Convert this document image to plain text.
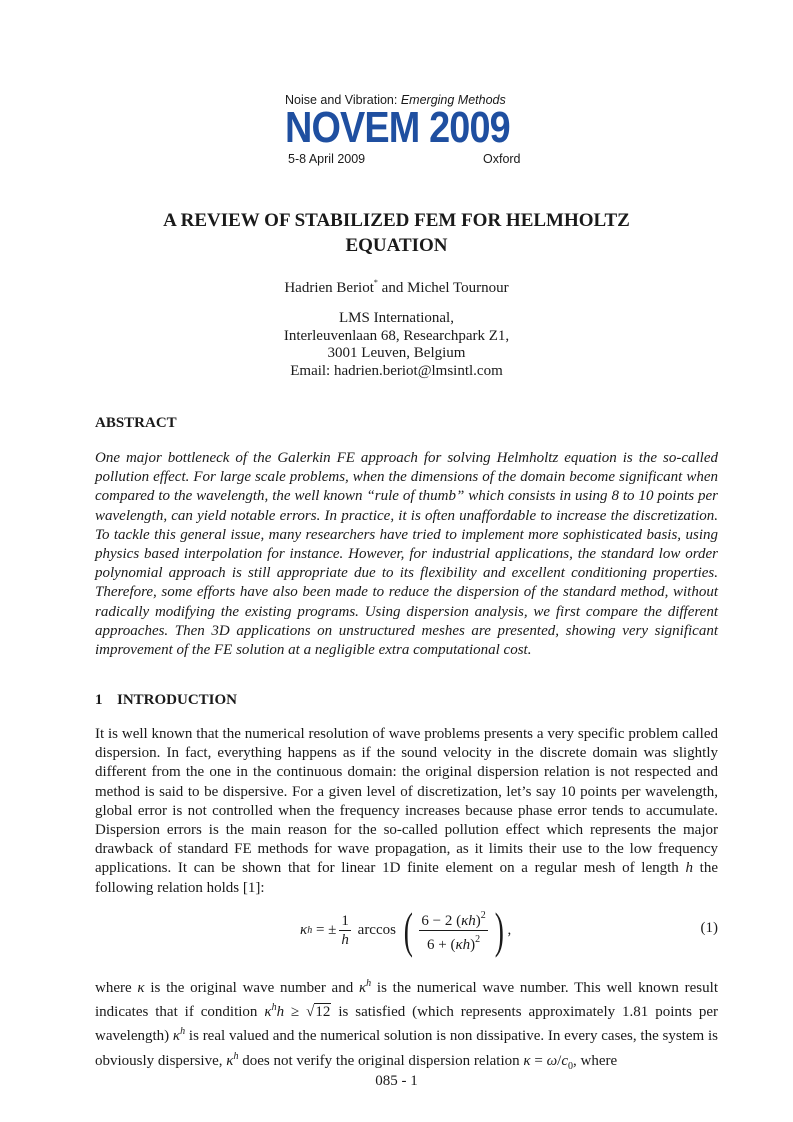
Noise and Vibration: Emerging Methods
NOVEM 2009
5-8 April 2009	Oxford
A REVIEW OF STABILIZED FEM FOR HELMHOLTZ
EQUATION
Hadrien Beriot* and Michel Tournour
LMS International,
Interleuvenlaan 68, Researchpark Z1,
3001 Leuven, Belgium
Email: hadrien.beriot@lmsintl.com
ABSTRACT
One major bottleneck of the Galerkin FE approach for solving Helmholtz equation is the so-called pollution effect. For large scale problems, when the dimensions of the domain become significant when compared to the wavelength, the well known “rule of thumb” which consists in using 8 to 10 points per wavelength, can yield notable errors. In practice, it is often unaffordable to increase the discretization. To tackle this general issue, many researchers have tried to implement more sophisticated basis, using physics based interpolation for instance. However, for industrial applications, the standard low order polynomial approach is still appropriate due to its flexibility and excellent conditioning properties. Therefore, some efforts have also been made to reduce the dispersion of the standard method, without radically modifying the existing programs. Using dispersion analysis, we first compare the different approaches. Then 3D applications on unstructured meshes are presented, showing very significant improvement of the FE solution at a negligible extra computational cost.
1 INTRODUCTION
It is well known that the numerical resolution of wave problems presents a very specific problem called dispersion. In fact, everything happens as if the sound velocity in the discrete domain was slightly different from the one in the continuous domain: the original dispersion relation is not respected and method is said to be dispersive. For a given level of discretization, let’s say 10 points per wavelength, global error is not controlled when the frequency increases because phase error tends to accumulate. Dispersion errors is the main reason for the so-called pollution effect which represents the major drawback of standard FE methods for wave propagation, as it limits their use to the low frequency applications. It can be shown that for linear 1D finite element on a regular mesh of length h the following relation holds [1]:
κ h = ± $\frac{1}{h}$ arccos ( $\frac{6 - 2 (\kappa h)^2}{6 + (\kappa h)^2}$ ) ,	(1)
where κ is the original wave number and $\kappa^h$ is the numerical wave number. This well known result indicates that if condition $\kappa^hh \ge √12$ is satisfied (which represents approximately 1.81 points per wavelength) $\kappa^h$ is real valued and the numerical solution is non dissipative. In every cases, the system is obviously dispersive, $\kappa^h$ does not verify the original dispersion relation $\kappa = \omega/c_0$, where
085 - 1
